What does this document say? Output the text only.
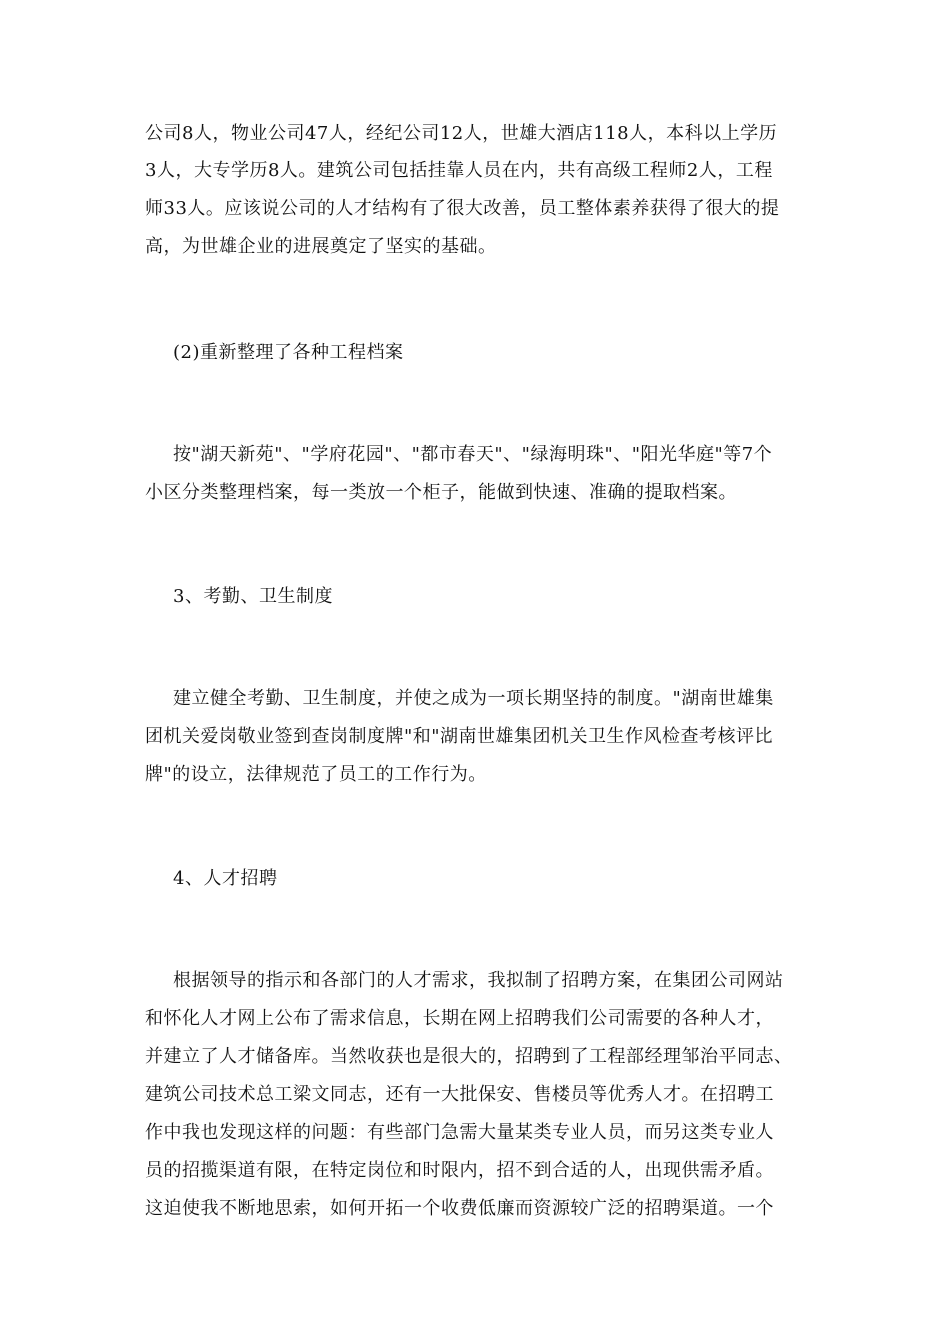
公司8人，物业公司47人，经纪公司12人，世雄大酒店118人，本科以上学历
3人，大专学历8人。建筑公司包括挂靠人员在内，共有高级工程师2人，工程
师33人。应该说公司的人才结构有了很大改善，员工整体素养获得了很大的提
高，为世雄企业的进展奠定了坚实的基础。
(2)重新整理了各种工程档案
按"湖天新苑"、"学府花园"、"都市春天"、"绿海明珠"、"阳光华庭"等7个
小区分类整理档案，每一类放一个柜子，能做到快速、准确的提取档案。
3、考勤、卫生制度
建立健全考勤、卫生制度，并使之成为一项长期坚持的制度。"湖南世雄集
团机关爱岗敬业签到查岗制度牌"和"湖南世雄集团机关卫生作风检查考核评比
牌"的设立，法律规范了员工的工作行为。
4、人才招聘
根据领导的指示和各部门的人才需求，我拟制了招聘方案，在集团公司网站
和怀化人才网上公布了需求信息，长期在网上招聘我们公司需要的各种人才，
并建立了人才储备库。当然收获也是很大的，招聘到了工程部经理邹治平同志、
建筑公司技术总工梁文同志，还有一大批保安、售楼员等优秀人才。在招聘工
作中我也发现这样的问题：有些部门急需大量某类专业人员，而另这类专业人
员的招揽渠道有限，在特定岗位和时限内，招不到合适的人，出现供需矛盾。
这迫使我不断地思索，如何开拓一个收费低廉而资源较广泛的招聘渠道。一个
